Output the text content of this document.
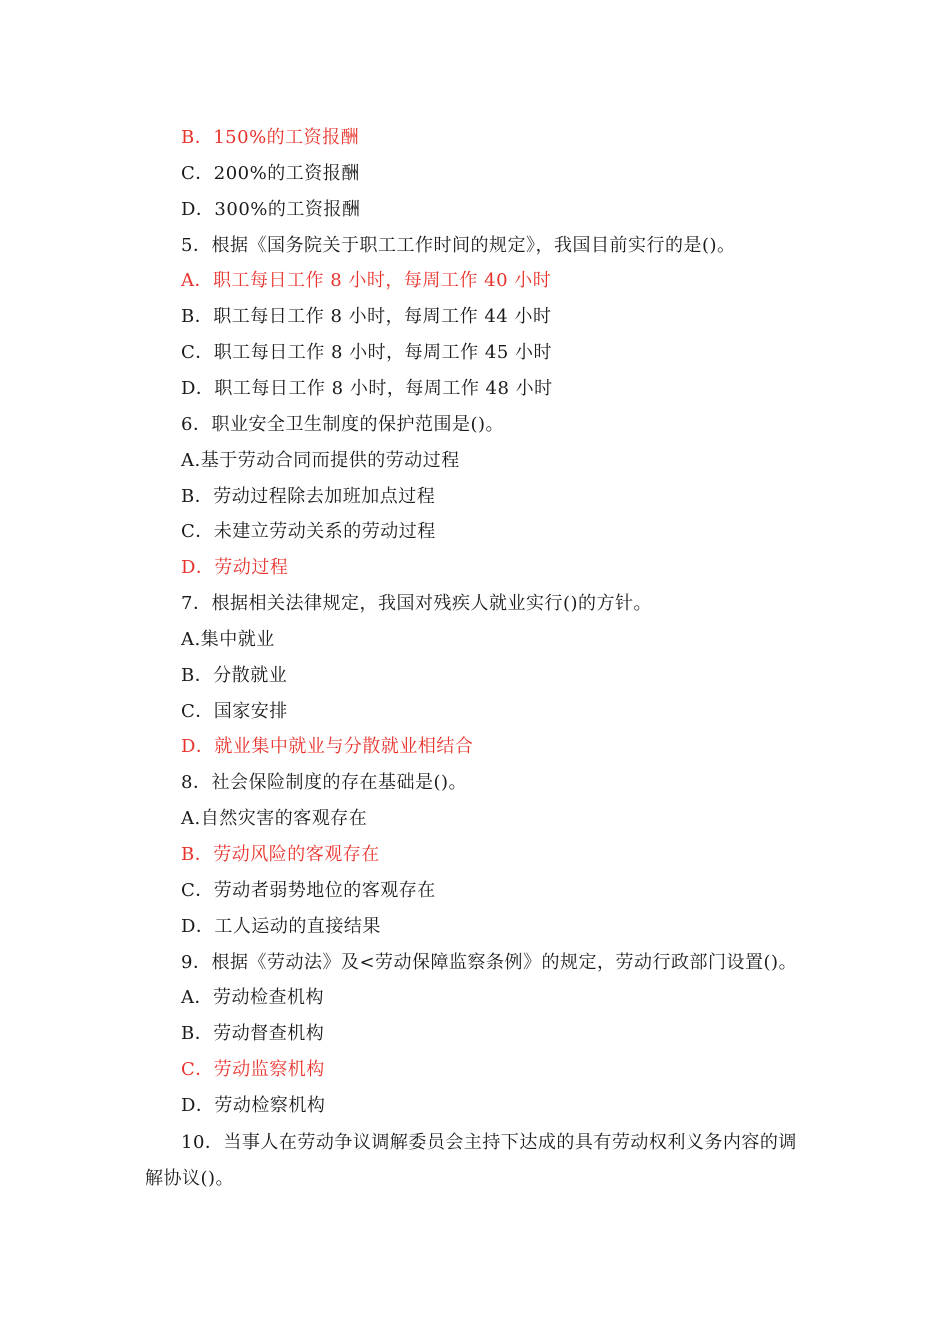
B．150%的工资报酬
C．200%的工资报酬
D．300%的工资报酬
5．根据《国务院关于职工工作时间的规定》，我国目前实行的是()。
A．职工每日工作 8 小时，每周工作 40 小时
B．职工每日工作 8 小时，每周工作 44 小时
C．职工每日工作 8 小时，每周工作 45 小时
D．职工每日工作 8 小时，每周工作 48 小时
6．职业安全卫生制度的保护范围是()。
A.基于劳动合同而提供的劳动过程
B．劳动过程除去加班加点过程
C．未建立劳动关系的劳动过程
D．劳动过程
7．根据相关法律规定，我国对残疾人就业实行()的方针。
A.集中就业
B．分散就业
C．国家安排
D．就业集中就业与分散就业相结合
8．社会保险制度的存在基础是()。
A.自然灾害的客观存在
B．劳动风险的客观存在
C．劳动者弱势地位的客观存在
D．工人运动的直接结果
9．根据《劳动法》及<劳动保障监察条例》的规定，劳动行政部门设置()。
A．劳动检查机构
B．劳动督查机构
C．劳动监察机构
D．劳动检察机构
10．当事人在劳动争议调解委员会主持下达成的具有劳动权利义务内容的调解协议()。
